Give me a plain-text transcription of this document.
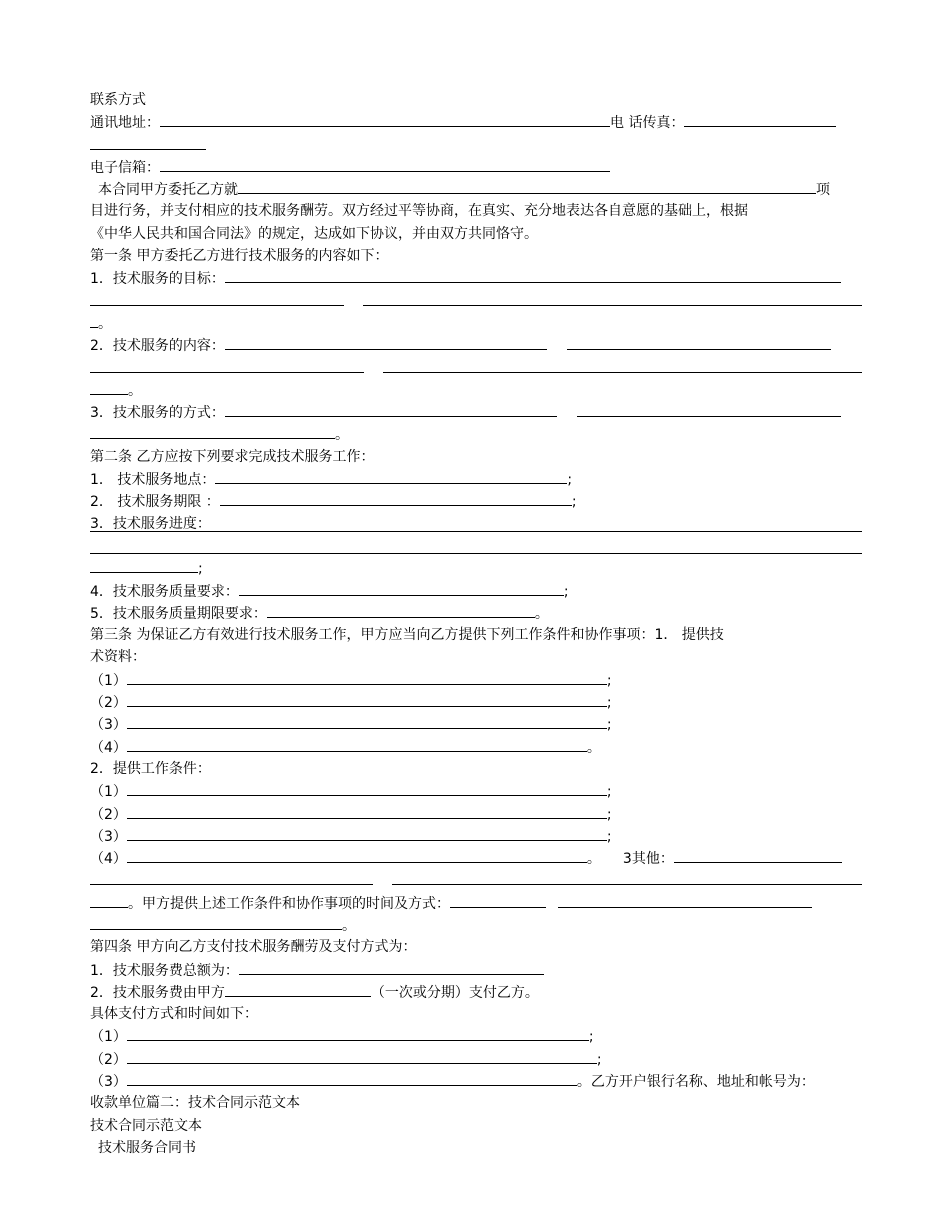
联系方式
通讯地址：	电 话传真：
电子信箱：
本合同甲方委托乙方就	项
目进行务，并支付相应的技术服务酬劳。双方经过平等协商，在真实、充分地表达各自意愿的基础上，根据
《中华人民共和国合同法》的规定，达成如下协议，并由双方共同恪守。
第一条 甲方委托乙方进行技术服务的内容如下：
1．技术服务的目标：
。
2．技术服务的内容：
。
3．技术服务的方式：
。
第二条 乙方应按下列要求完成技术服务工作：
1． 技术服务地点：	;
2． 技术服务期限 ：	;
3．技术服务进度：
;
4．技术服务质量要求：	;
5．技术服务质量期限要求：	。
第三条 为保证乙方有效进行技术服务工作，甲方应当向乙方提供下列工作条件和协作事项：1． 提供技
术资料：
（1）	;
（2）	;
（3）	;
（4）	。
2．提供工作条件：
（1）	;
（2）	;
（3）	;
（4）	。 3其他：
。甲方提供上述工作条件和协作事项的时间及方式：
。
第四条 甲方向乙方支付技术服务酬劳及支付方式为：
1．技术服务费总额为：
2．技术服务费由甲方	（一次或分期）支付乙方。
具体支付方式和时间如下：
（1）	;
（2）	;
（3）	。乙方开户银行名称、地址和帐号为：
收款单位篇二：技术合同示范文本
技术合同示范文本
技术服务合同书
